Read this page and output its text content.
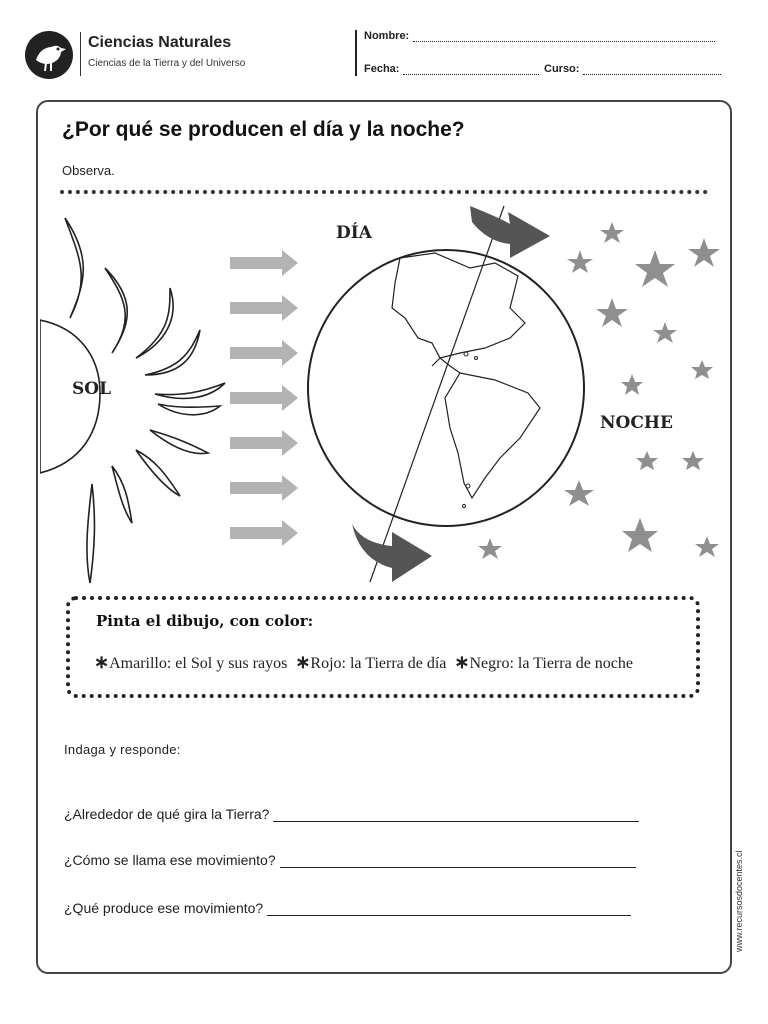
Ciencias Naturales
Ciencias de la Tierra y del Universo
Nombre:
Fecha:	Curso:
¿Por qué se producen el día y la noche?
Observa.
SOL
DÍA
NOCHE
Pinta el dibujo, con color:
∗Amarillo: el Sol y sus rayos ∗Rojo: la Tierra de día ∗Negro: la Tierra de noche
Indaga y responde:
¿Alrededor de qué gira la Tierra?
¿Cómo se llama ese movimiento?
¿Qué produce ese movimiento?	www.recursosdocentes.cl
